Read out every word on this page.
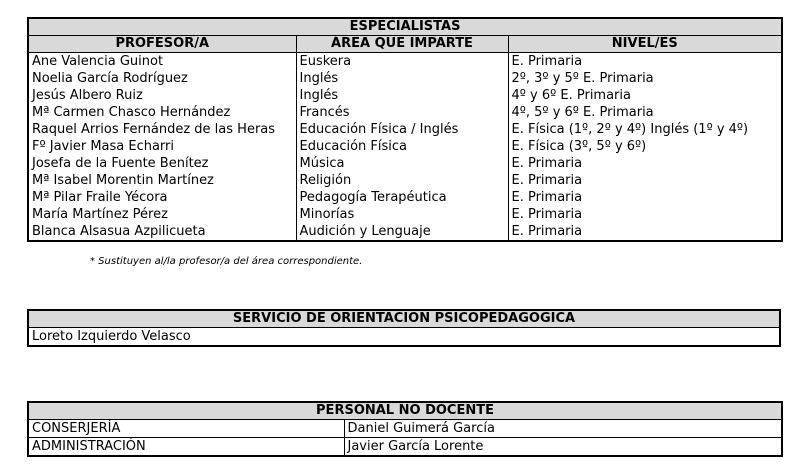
ESPECIALISTAS		
PROFESOR/A	ÁREA QUE IMPARTE	NIVEL/ES
Ane Valencia Guinot	Euskera	E. Primaria
Noelia García Rodríguez	Inglés	2º, 3º y 5º E. Primaria
Jesús Albero Ruiz	Inglés	4º y 6º E. Primaria
Mª Carmen Chasco Hernández	Francés	4º, 5º y 6º E. Primaria
Raquel Arrios Fernández de las Heras	Educación Física / Inglés	E. Física (1º, 2º y 4º) Inglés (1º y 4º)
Fº Javier Masa Echarri	Educación Física	E. Física (3º, 5º y 6º)
Josefa de la Fuente Benítez	Música	E. Primaria
Mª Isabel Morentin Martínez	Religión	E. Primaria
Mª Pilar Fraile Yécora	Pedagogía Terapéutica	E. Primaria
María Martínez Pérez	Minorías	E. Primaria
Blanca Alsasua Azpilicueta	Audición y Lenguaje	E. Primaria
* Sustituyen al/la profesor/a del área correspondiente.
SERVICIO DE ORIENTACIÓN PSICOPEDAGÓGICA
Loreto Izquierdo Velasco
PERSONAL NO DOCENTE	
CONSERJERÍA	Daniel Guimerá García
ADMINISTRACIÓN	Javier García Lorente
